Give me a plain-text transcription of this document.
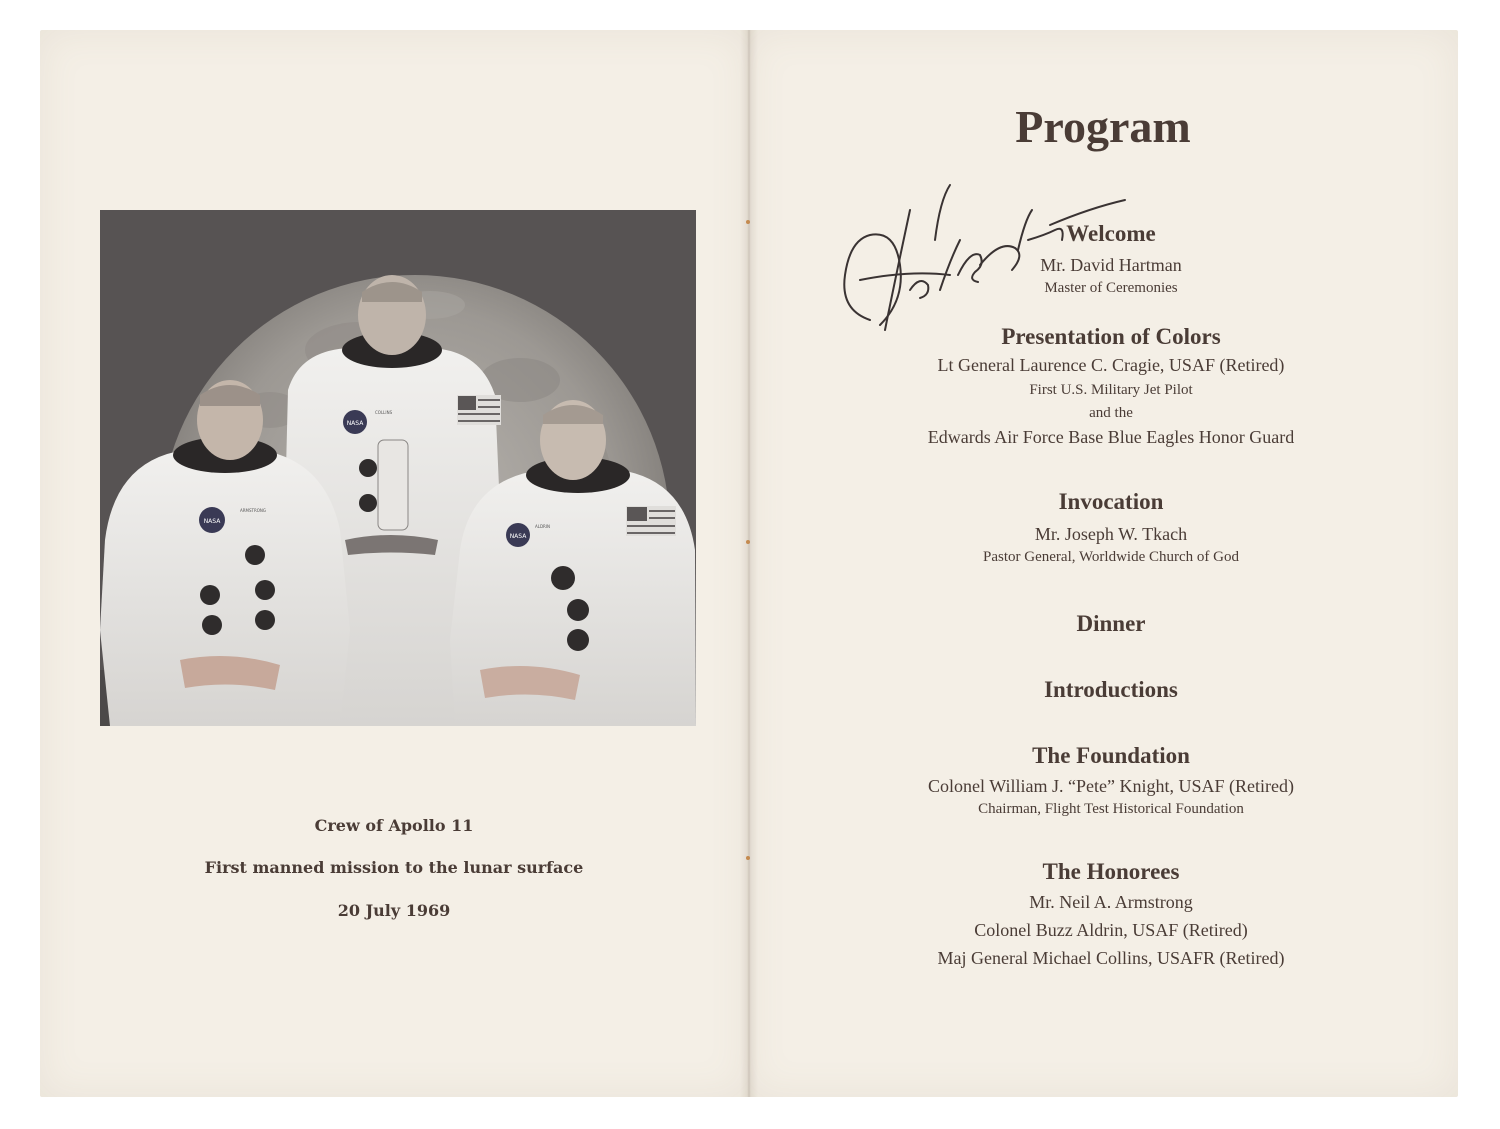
NASA
NASA
NASA
ARMSTRONG
COLLINS
ALDRIN
Crew of Apollo 11
First manned mission to the lunar surface
20 July 1969
Program
Welcome
Mr. David Hartman
Master of Ceremonies
Presentation of Colors
Lt General Laurence C. Cragie, USAF (Retired)
First U.S. Military Jet Pilot
and the
Edwards Air Force Base Blue Eagles Honor Guard
Invocation
Mr. Joseph W. Tkach
Pastor General, Worldwide Church of God
Dinner
Introductions
The Foundation
Colonel William J. “Pete” Knight, USAF (Retired)
Chairman, Flight Test Historical Foundation
The Honorees
Mr. Neil A. Armstrong
Colonel Buzz Aldrin, USAF (Retired)
Maj General Michael Collins, USAFR (Retired)
